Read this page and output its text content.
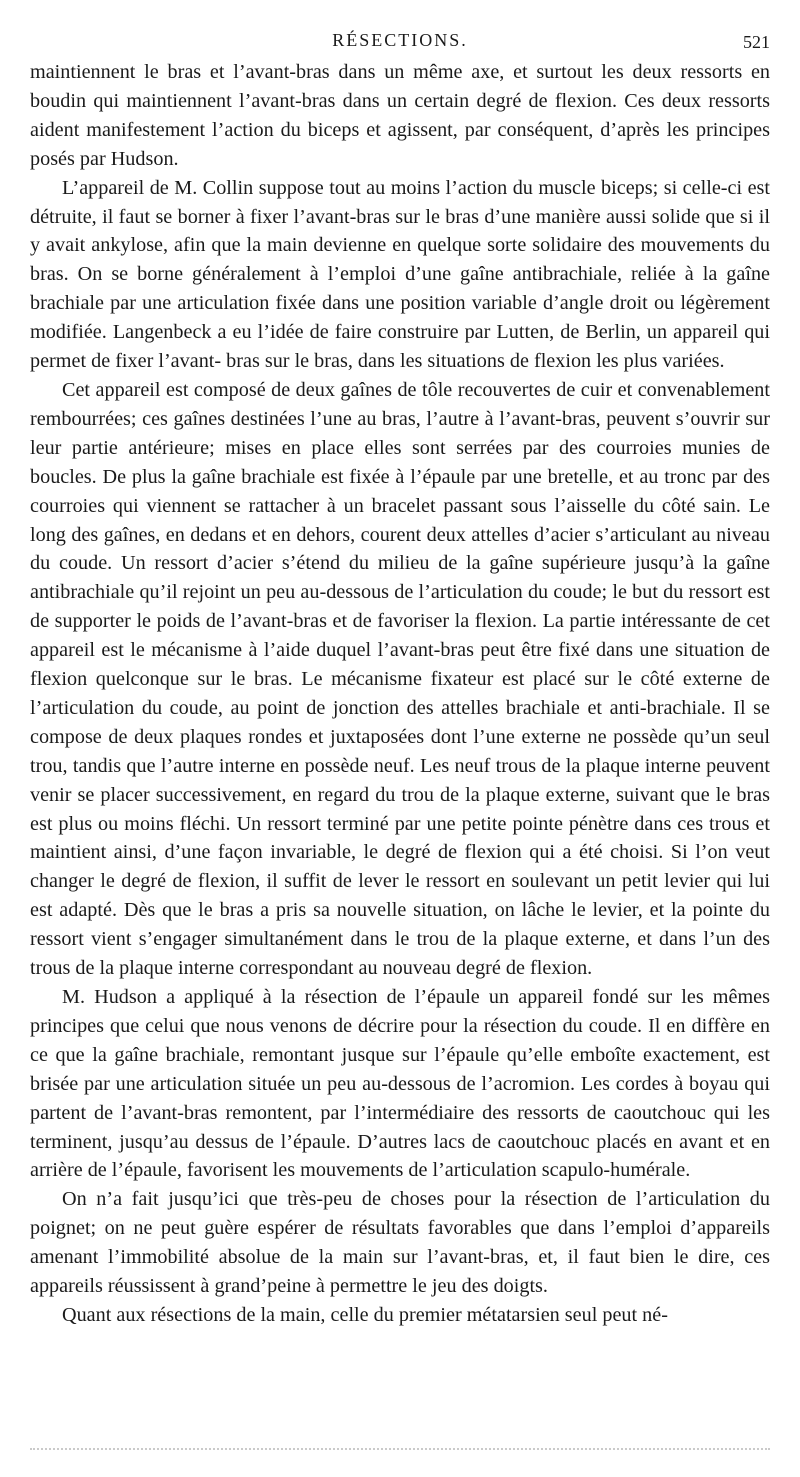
RÉSECTIONS.	521

maintiennent le bras et l’avant-bras dans un même axe, et surtout les deux ressorts en boudin qui maintiennent l’avant-bras dans un certain degré de flexion. Ces deux ressorts aident manifestement l’action du biceps et agissent, par conséquent, d’après les principes posés par Hudson.

L’appareil de M. Collin suppose tout au moins l’action du muscle biceps; si celle-ci est détruite, il faut se borner à fixer l’avant-bras sur le bras d’une manière aussi solide que si il y avait ankylose, afin que la main devienne en quelque sorte solidaire des mouvements du bras. On se borne généralement à l’emploi d’une gaîne antibrachiale, reliée à la gaîne brachiale par une articulation fixée dans une position variable d’angle droit ou légèrement modifiée. Langenbeck a eu l’idée de faire construire par Lutten, de Berlin, un appareil qui permet de fixer l’avant- bras sur le bras, dans les situations de flexion les plus variées.

Cet appareil est composé de deux gaînes de tôle recouvertes de cuir et convenablement rembourrées; ces gaînes destinées l’une au bras, l’autre à l’avant-bras, peuvent s’ouvrir sur leur partie antérieure; mises en place elles sont serrées par des courroies munies de boucles. De plus la gaîne brachiale est fixée à l’épaule par une bretelle, et au tronc par des courroies qui viennent se rattacher à un bracelet passant sous l’aisselle du côté sain. Le long des gaînes, en dedans et en dehors, courent deux attelles d’acier s’articulant au niveau du coude. Un ressort d’acier s’étend du milieu de la gaîne supérieure jusqu’à la gaîne antibrachiale qu’il rejoint un peu au-dessous de l’articulation du coude; le but du ressort est de supporter le poids de l’avant-bras et de favoriser la flexion. La partie intéressante de cet appareil est le mécanisme à l’aide duquel l’avant-bras peut être fixé dans une situation de flexion quelconque sur le bras. Le mécanisme fixateur est placé sur le côté externe de l’articulation du coude, au point de jonction des attelles brachiale et anti-brachiale. Il se compose de deux plaques rondes et juxtaposées dont l’une externe ne possède qu’un seul trou, tandis que l’autre interne en possède neuf. Les neuf trous de la plaque interne peuvent venir se placer successivement, en regard du trou de la plaque externe, suivant que le bras est plus ou moins fléchi. Un ressort terminé par une petite pointe pénètre dans ces trous et maintient ainsi, d’une façon invariable, le degré de flexion qui a été choisi. Si l’on veut changer le degré de flexion, il suffit de lever le ressort en soulevant un petit levier qui lui est adapté. Dès que le bras a pris sa nouvelle situation, on lâche le levier, et la pointe du ressort vient s’engager simultanément dans le trou de la plaque externe, et dans l’un des trous de la plaque interne correspondant au nouveau degré de flexion.

M. Hudson a appliqué à la résection de l’épaule un appareil fondé sur les mêmes principes que celui que nous venons de décrire pour la résection du coude. Il en diffère en ce que la gaîne brachiale, remontant jusque sur l’épaule qu’elle emboîte exactement, est brisée par une articulation située un peu au-dessous de l’acromion. Les cordes à boyau qui partent de l’avant-bras remontent, par l’intermédiaire des ressorts de caoutchouc qui les terminent, jusqu’au dessus de l’épaule. D’autres lacs de caoutchouc placés en avant et en arrière de l’épaule, favorisent les mouvements de l’articulation scapulo-humérale.

On n’a fait jusqu’ici que très-peu de choses pour la résection de l’articulation du poignet; on ne peut guère espérer de résultats favorables que dans l’emploi d’appareils amenant l’immobilité absolue de la main sur l’avant-bras, et, il faut bien le dire, ces appareils réussissent à grand’peine à permettre le jeu des doigts.

Quant aux résections de la main, celle du premier métatarsien seul peut né-
